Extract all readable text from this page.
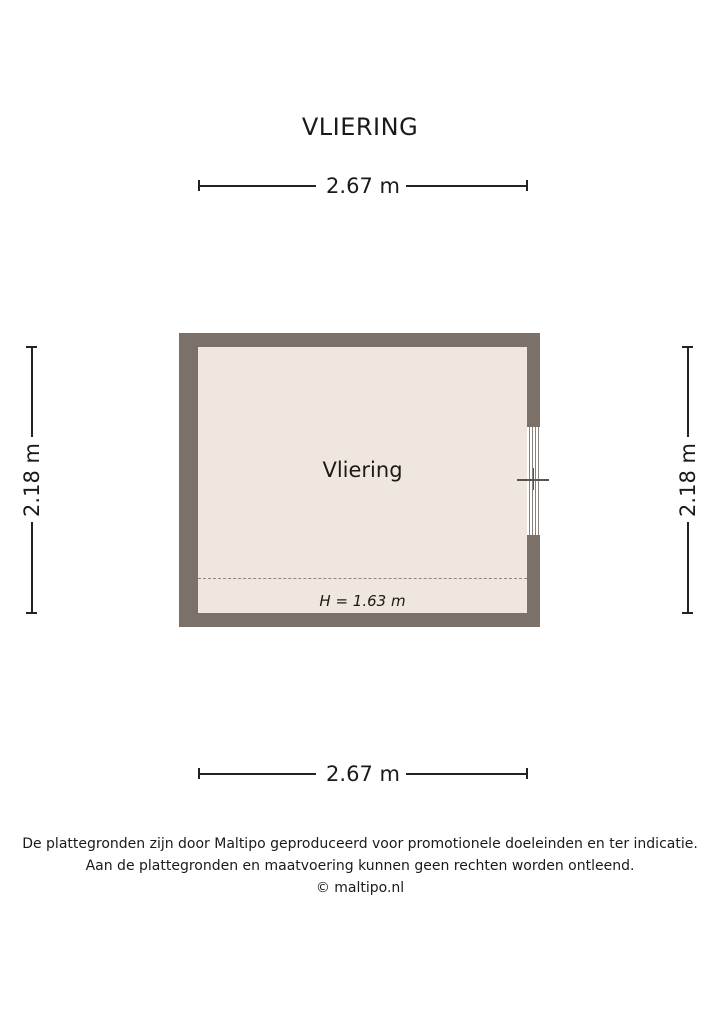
VLIERING
2.67 m
2.18 m	2.18 m
Vliering
H = 1.63 m
2.67 m
De plattegronden zijn door Maltipo geproduceerd voor promotionele doeleinden en ter indicatie.
Aan de plattegronden en maatvoering kunnen geen rechten worden ontleend.
© maltipo.nl
